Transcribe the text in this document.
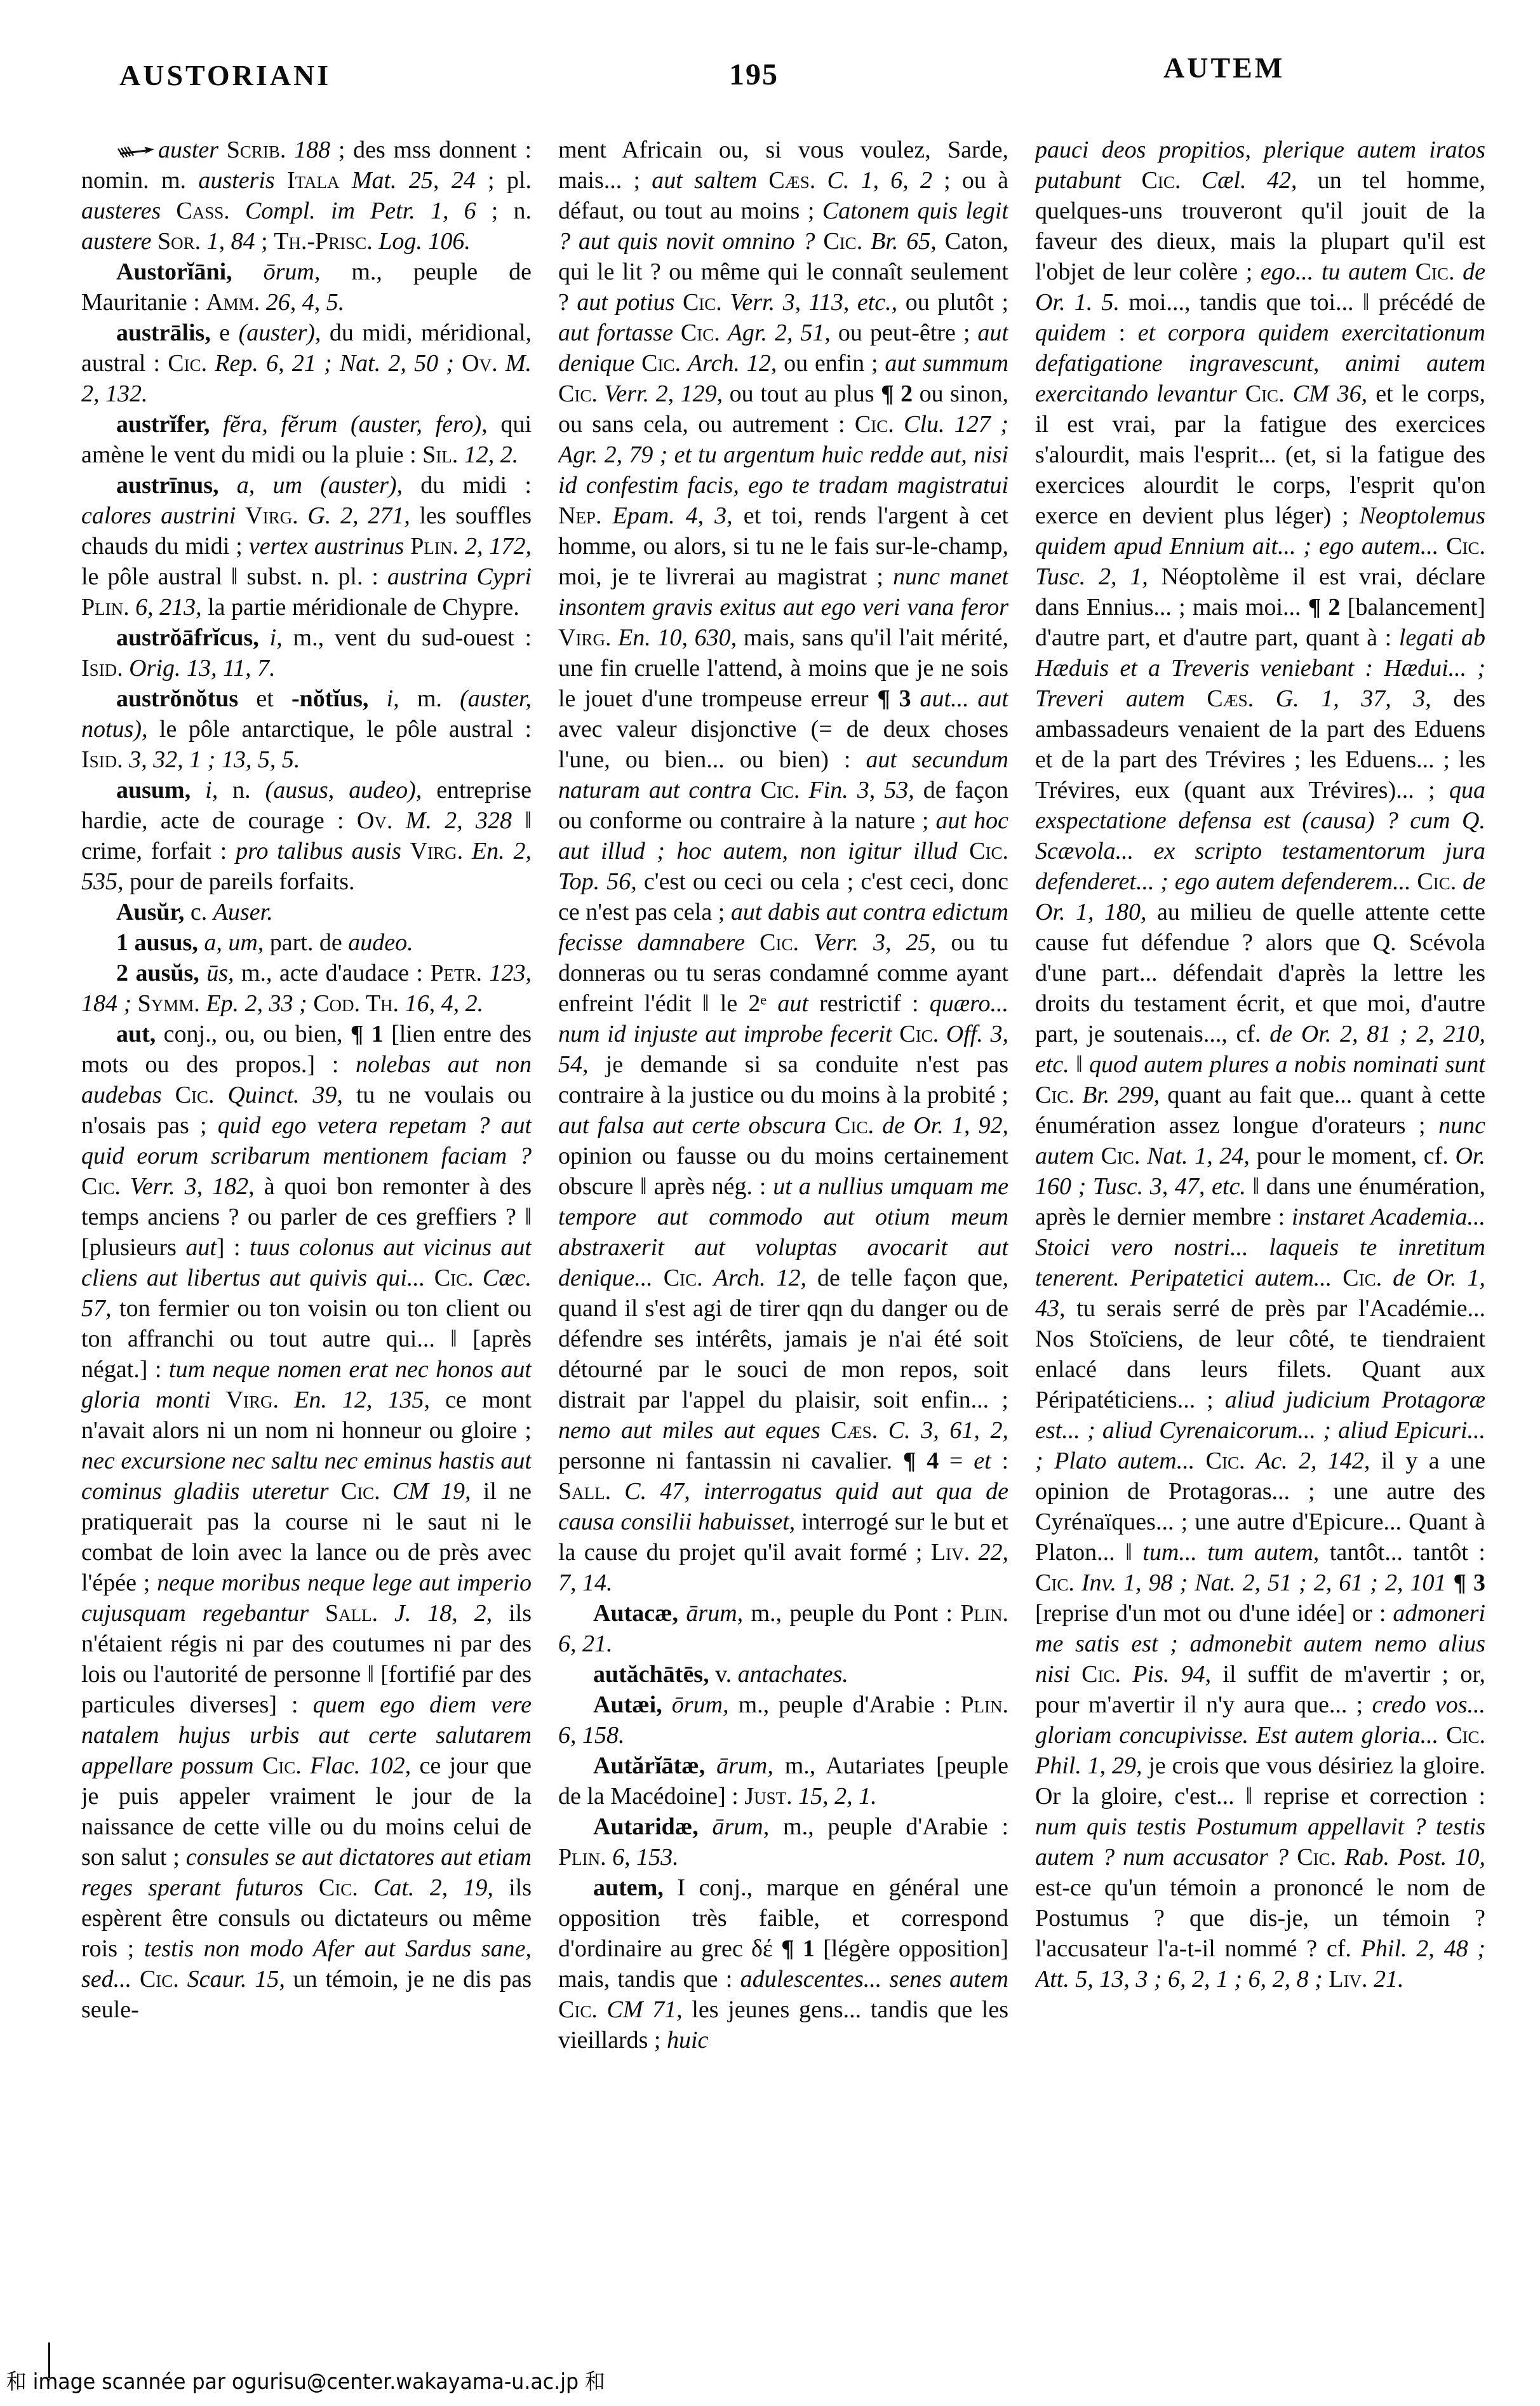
AUSTORIANI	195	AUTEM

auster Scrib. 188 ; des mss donnent : nomin. m. austeris Itala Mat. 25, 24 ; pl. austeres Cass. Compl. im Petr. 1, 6 ; n. austere Sor. 1, 84 ; Th.-Prisc. Log. 106.

Austorĭāni, ōrum, m., peuple de Mauritanie : Amm. 26, 4, 5.

austrālis, e (auster), du midi, méridional, austral : Cic. Rep. 6, 21 ; Nat. 2, 50 ; Ov. M. 2, 132.

austrĭfer, fĕra, fĕrum (auster, fero), qui amène le vent du midi ou la pluie : Sil. 12, 2.

austrīnus, a, um (auster), du midi : calores austrini Virg. G. 2, 271, les souffles chauds du midi ; vertex austrinus Plin. 2, 172, le pôle austral ‖ subst. n. pl. : austrina Cypri Plin. 6, 213, la partie méridionale de Chypre.

austrŏāfrĭcus, i, m., vent du sud-ouest : Isid. Orig. 13, 11, 7.

austrŏnŏtus et -nŏtĭus, i, m. (auster, notus), le pôle antarctique, le pôle austral : Isid. 3, 32, 1 ; 13, 5, 5.

ausum, i, n. (ausus, audeo), entreprise hardie, acte de courage : Ov. M. 2, 328 ‖ crime, forfait : pro talibus ausis Virg. En. 2, 535, pour de pareils forfaits.

Ausŭr, c. Auser.

1 ausus, a, um, part. de audeo.

2 ausŭs, ūs, m., acte d'audace : Petr. 123, 184 ; Symm. Ep. 2, 33 ; Cod. Th. 16, 4, 2.

aut, conj., ou, ou bien, ¶ 1 [lien entre des mots ou des propos.] : nolebas aut non audebas Cic. Quinct. 39, tu ne voulais ou n'osais pas ; quid ego vetera repetam ? aut quid eorum scribarum mentionem faciam ? Cic. Verr. 3, 182, à quoi bon remonter à des temps anciens ? ou parler de ces greffiers ? ‖ [plusieurs aut] : tuus colonus aut vicinus aut cliens aut libertus aut quivis qui... Cic. Cæc. 57, ton fermier ou ton voisin ou ton client ou ton affranchi ou tout autre qui... ‖ [après négat.] : tum neque nomen erat nec honos aut gloria monti Virg. En. 12, 135, ce mont n'avait alors ni un nom ni honneur ou gloire ; nec excursione nec saltu nec eminus hastis aut cominus gladiis uteretur Cic. CM 19, il ne pratiquerait pas la course ni le saut ni le combat de loin avec la lance ou de près avec l'épée ; neque moribus neque lege aut imperio cujusquam regebantur Sall. J. 18, 2, ils n'étaient régis ni par des coutumes ni par des lois ou l'autorité de personne ‖ [fortifié par des particules diverses] : quem ego diem vere natalem hujus urbis aut certe salutarem appellare possum Cic. Flac. 102, ce jour que je puis appeler vraiment le jour de la naissance de cette ville ou du moins celui de son salut ; consules se aut dictatores aut etiam reges sperant futuros Cic. Cat. 2, 19, ils espèrent être consuls ou dictateurs ou même rois ; testis non modo Afer aut Sardus sane, sed... Cic. Scaur. 15, un témoin, je ne dis pas seule-

ment Africain ou, si vous voulez, Sarde, mais... ; aut saltem Cæs. C. 1, 6, 2 ; ou à défaut, ou tout au moins ; Catonem quis legit ? aut quis novit omnino ? Cic. Br. 65, Caton, qui le lit ? ou même qui le connaît seulement ? aut potius Cic. Verr. 3, 113, etc., ou plutôt ; aut fortasse Cic. Agr. 2, 51, ou peut-être ; aut denique Cic. Arch. 12, ou enfin ; aut summum Cic. Verr. 2, 129, ou tout au plus ¶ 2 ou sinon, ou sans cela, ou autrement : Cic. Clu. 127 ; Agr. 2, 79 ; et tu argentum huic redde aut, nisi id confestim facis, ego te tradam magistratui Nep. Epam. 4, 3, et toi, rends l'argent à cet homme, ou alors, si tu ne le fais sur-le-champ, moi, je te livrerai au magistrat ; nunc manet insontem gravis exitus aut ego veri vana feror Virg. En. 10, 630, mais, sans qu'il l'ait mérité, une fin cruelle l'attend, à moins que je ne sois le jouet d'une trompeuse erreur ¶ 3 aut... aut avec valeur disjonctive (= de deux choses l'une, ou bien... ou bien) : aut secundum naturam aut contra Cic. Fin. 3, 53, de façon ou conforme ou contraire à la nature ; aut hoc aut illud ; hoc autem, non igitur illud Cic. Top. 56, c'est ou ceci ou cela ; c'est ceci, donc ce n'est pas cela ; aut dabis aut contra edictum fecisse damnabere Cic. Verr. 3, 25, ou tu donneras ou tu seras condamné comme ayant enfreint l'édit ‖ le 2ᵉ aut restrictif : quæro... num id injuste aut improbe fecerit Cic. Off. 3, 54, je demande si sa conduite n'est pas contraire à la justice ou du moins à la probité ; aut falsa aut certe obscura Cic. de Or. 1, 92, opinion ou fausse ou du moins certainement obscure ‖ après nég. : ut a nullius umquam me tempore aut commodo aut otium meum abstraxerit aut voluptas avocarit aut denique... Cic. Arch. 12, de telle façon que, quand il s'est agi de tirer qqn du danger ou de défendre ses intérêts, jamais je n'ai été soit détourné par le souci de mon repos, soit distrait par l'appel du plaisir, soit enfin... ; nemo aut miles aut eques Cæs. C. 3, 61, 2, personne ni fantassin ni cavalier. ¶ 4 = et : Sall. C. 47, interrogatus quid aut qua de causa consilii habuisset, interrogé sur le but et la cause du projet qu'il avait formé ; Liv. 22, 7, 14.

Autacæ, ārum, m., peuple du Pont : Plin. 6, 21.

autăchātēs, v. antachates.

Autæi, ōrum, m., peuple d'Arabie : Plin. 6, 158.

Autărĭātæ, ārum, m., Autariates [peuple de la Macédoine] : Just. 15, 2, 1.

Autaridæ, ārum, m., peuple d'Arabie : Plin. 6, 153.

autem, I conj., marque en général une opposition très faible, et correspond d'ordinaire au grec δέ ¶ 1 [légère opposition] mais, tandis que : adulescentes... senes autem Cic. CM 71, les jeunes gens... tandis que les vieillards ; huic

pauci deos propitios, plerique autem iratos putabunt Cic. Cæl. 42, un tel homme, quelques-uns trouveront qu'il jouit de la faveur des dieux, mais la plupart qu'il est l'objet de leur colère ; ego... tu autem Cic. de Or. 1. 5. moi..., tandis que toi... ‖ précédé de quidem : et corpora quidem exercitationum defatigatione ingravescunt, animi autem exercitando levantur Cic. CM 36, et le corps, il est vrai, par la fatigue des exercices s'alourdit, mais l'esprit... (et, si la fatigue des exercices alourdit le corps, l'esprit qu'on exerce en devient plus léger) ; Neoptolemus quidem apud Ennium ait... ; ego autem... Cic. Tusc. 2, 1, Néoptolème il est vrai, déclare dans Ennius... ; mais moi... ¶ 2 [balancement] d'autre part, et d'autre part, quant à : legati ab Hæduis et a Treveris veniebant : Hædui... ; Treveri autem Cæs. G. 1, 37, 3, des ambassadeurs venaient de la part des Eduens et de la part des Trévires ; les Eduens... ; les Trévires, eux (quant aux Trévires)... ; qua exspectatione defensa est (causa) ? cum Q. Scævola... ex scripto testamentorum jura defenderet... ; ego autem defenderem... Cic. de Or. 1, 180, au milieu de quelle attente cette cause fut défendue ? alors que Q. Scévola d'une part... défendait d'après la lettre les droits du testament écrit, et que moi, d'autre part, je soutenais..., cf. de Or. 2, 81 ; 2, 210, etc. ‖ quod autem plures a nobis nominati sunt Cic. Br. 299, quant au fait que... quant à cette énumération assez longue d'orateurs ; nunc autem Cic. Nat. 1, 24, pour le moment, cf. Or. 160 ; Tusc. 3, 47, etc. ‖ dans une énumération, après le dernier membre : instaret Academia... Stoici vero nostri... laqueis te inretitum tenerent. Peripatetici autem... Cic. de Or. 1, 43, tu serais serré de près par l'Académie... Nos Stoïciens, de leur côté, te tiendraient enlacé dans leurs filets. Quant aux Péripatéticiens... ; aliud judicium Protagoræ est... ; aliud Cyrenaicorum... ; aliud Epicuri... ; Plato autem... Cic. Ac. 2, 142, il y a une opinion de Protagoras... ; une autre des Cyrénaïques... ; une autre d'Epicure... Quant à Platon... ‖ tum... tum autem, tantôt... tantôt : Cic. Inv. 1, 98 ; Nat. 2, 51 ; 2, 61 ; 2, 101 ¶ 3 [reprise d'un mot ou d'une idée] or : admoneri me satis est ; admonebit autem nemo alius nisi Cic. Pis. 94, il suffit de m'avertir ; or, pour m'avertir il n'y aura que... ; credo vos... gloriam concupivisse. Est autem gloria... Cic. Phil. 1, 29, je crois que vous désiriez la gloire. Or la gloire, c'est... ‖ reprise et correction : num quis testis Postumum appellavit ? testis autem ? num accusator ? Cic. Rab. Post. 10, est-ce qu'un témoin a prononcé le nom de Postumus ? que dis-je, un témoin ? l'accusateur l'a-t-il nommé ? cf. Phil. 2, 48 ; Att. 5, 13, 3 ; 6, 2, 1 ; 6, 2, 8 ; Liv. 21.

和 image scannée par ogurisu@center.wakayama-u.ac.jp 和
